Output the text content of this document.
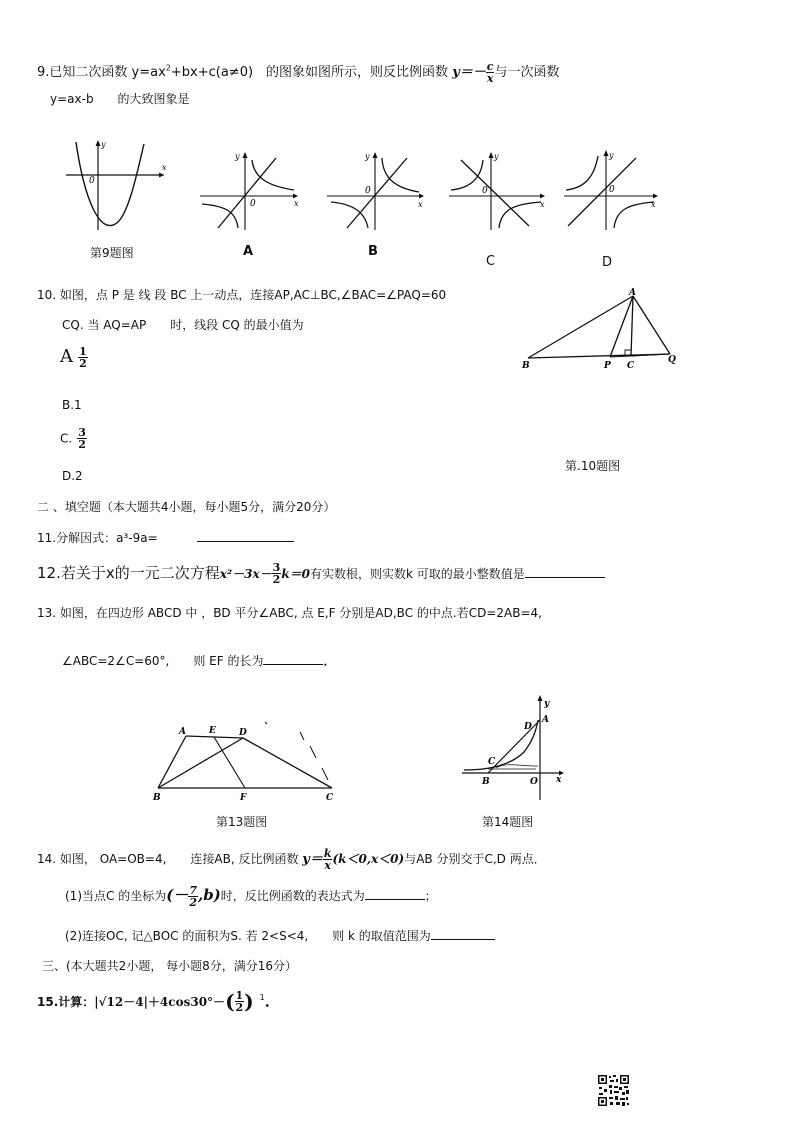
9.已知二次函数 $y=ax^2+bx+c(a\ne 0)$　的图象如图所示，则反比例函数 $y=- \frac{c}{x}$ 与一次函数
y=ax-b　　的大致图象是
x
y
0
第9题图
y
x
0
A
y
x
0
B
y
x
0
C
y
x
0
D
10. 如图，点 P 是 线 段 BC 上一动点，连接AP,AC⊥BC,∠BAC=∠PAQ=60
CQ. 当 AQ=AP　　时，线段 CQ 的最小值为
A $\frac{1}{2}$
B.1
C. $\frac{3}{2}$
D.2
A
B	P C
Q
第.10题图
二 、填空题（本大题共4小题，每小题5分，满分20分）
11.分解因式：a³-9a=
12.若关于x的一元二次方程$x^2-3x- \frac{3}{2} k=0$有实数根，则实数k 可取的最小整数值是
13. 如图，在四边形 ABCD 中 ，BD 平分∠ABC, 点 E,F 分别是AD,BC 的中点.若CD=2AB=4,
∠ABC=2∠C=60°,　　则 EF 的长为	．
A	E	D
B	F	C
第13题图
y
D
A
C
B	O x
第14题图
14. 如图， OA=OB=4,　　连接AB, 反比例函数 $y= \frac{k}{x} (k<0,x<0)$与AB 分别交于C,D 两点．
(1)当点C 的坐标为(－ $\frac{7}{2} ,b$)时，反比例函数的表达式为	；
(2)连接OC, 记△BOC 的面积为S. 若 2<S<4,　　则 k 的取值范围为
三、(本大题共2小题， 每小题8分，满分16分）
15.计算：$|√12-4|+4\cos 30^\circ-( \frac{1}{2}$ ) $^1$．
